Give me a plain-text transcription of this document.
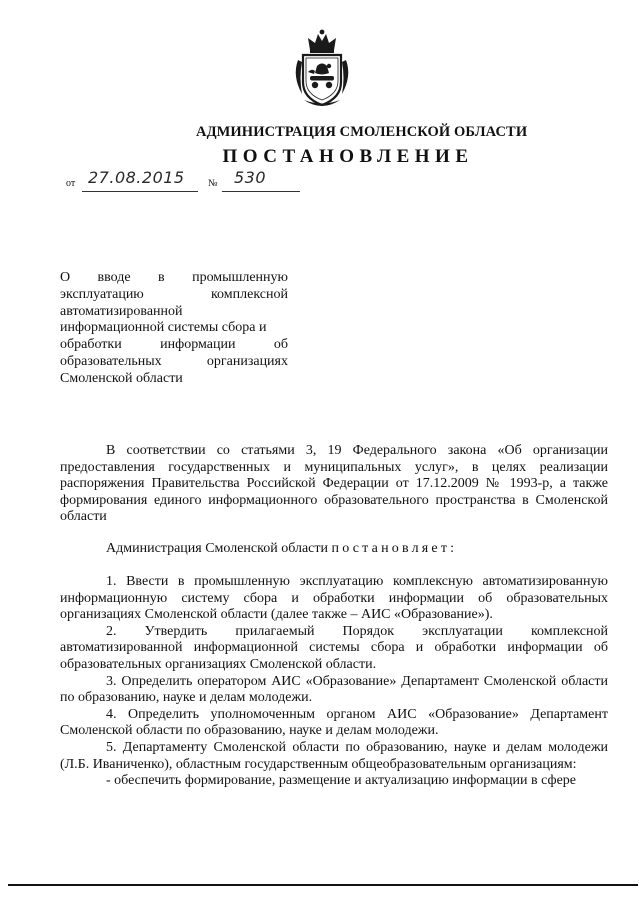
АДМИНИСТРАЦИЯ СМОЛЕНСКОЙ ОБЛАСТИ
ПОСТАНОВЛЕНИЕ
от 27.08.2015 № 530
О вводе в промышленную
эксплуатацию комплексной
автоматизированной
информационной системы сбора и
обработки информации об
образовательных организациях
Смоленской области
В соответствии со статьями 3, 19 Федерального закона «Об организации предоставления государственных и муниципальных услуг», в целях реализации распоряжения Правительства Российской Федерации от 17.12.2009 № 1993-р, а также формирования единого информационного образовательного пространства в Смоленской области
Администрация Смоленской области постановляет:
1. Ввести в промышленную эксплуатацию комплексную автоматизированную информационную систему сбора и обработки информации об образовательных организациях Смоленской области (далее также – АИС «Образование»).
2. Утвердить прилагаемый Порядок эксплуатации комплексной автоматизированной информационной системы сбора и обработки информации об образовательных организациях Смоленской области.
3. Определить оператором АИС «Образование» Департамент Смоленской области по образованию, науке и делам молодежи.
4. Определить уполномоченным органом АИС «Образование» Департамент Смоленской области по образованию, науке и делам молодежи.
5. Департаменту Смоленской области по образованию, науке и делам молодежи (Л.Б. Иваниченко), областным государственным общеобразовательным организациям:
- обеспечить формирование, размещение и актуализацию информации в сфере
